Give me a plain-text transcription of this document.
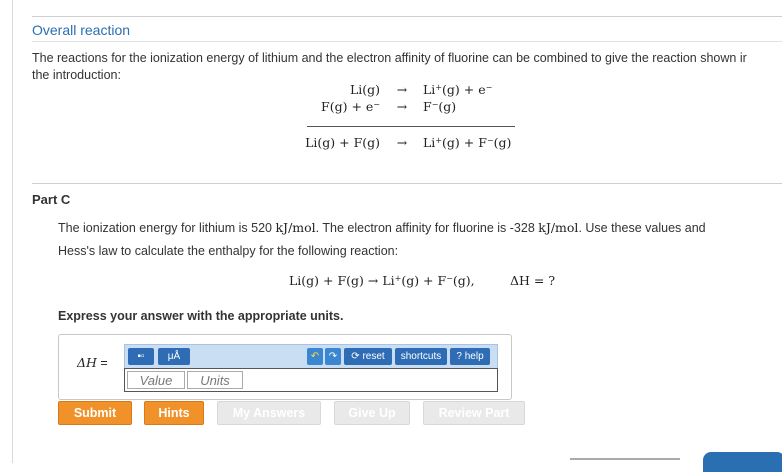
Overall reaction
The reactions for the ionization energy of lithium and the electron affinity of fluorine can be combined to give the reaction shown ir
the introduction:
Li(g)	→	Li+(g) + e−
F(g) + e−	→	F−(g)
Li(g) + F(g)	→	Li+(g) + F−(g)
Part C
The ionization energy for lithium is 520 kJ/mol. The electron affinity for fluorine is -328 kJ/mol. Use these values and
Hess's law to calculate the enthalpy for the following reaction:
Li(g) + F(g) → Li+(g) + F−(g),	ΔH = ?
Express your answer with the appropriate units.
ΔH =	▪▫ μÅ	↶ ↷ ⟳ reset shortcuts ?
help
Value	Units
Submit	Hints	My Answers	Give Up	Review Part
